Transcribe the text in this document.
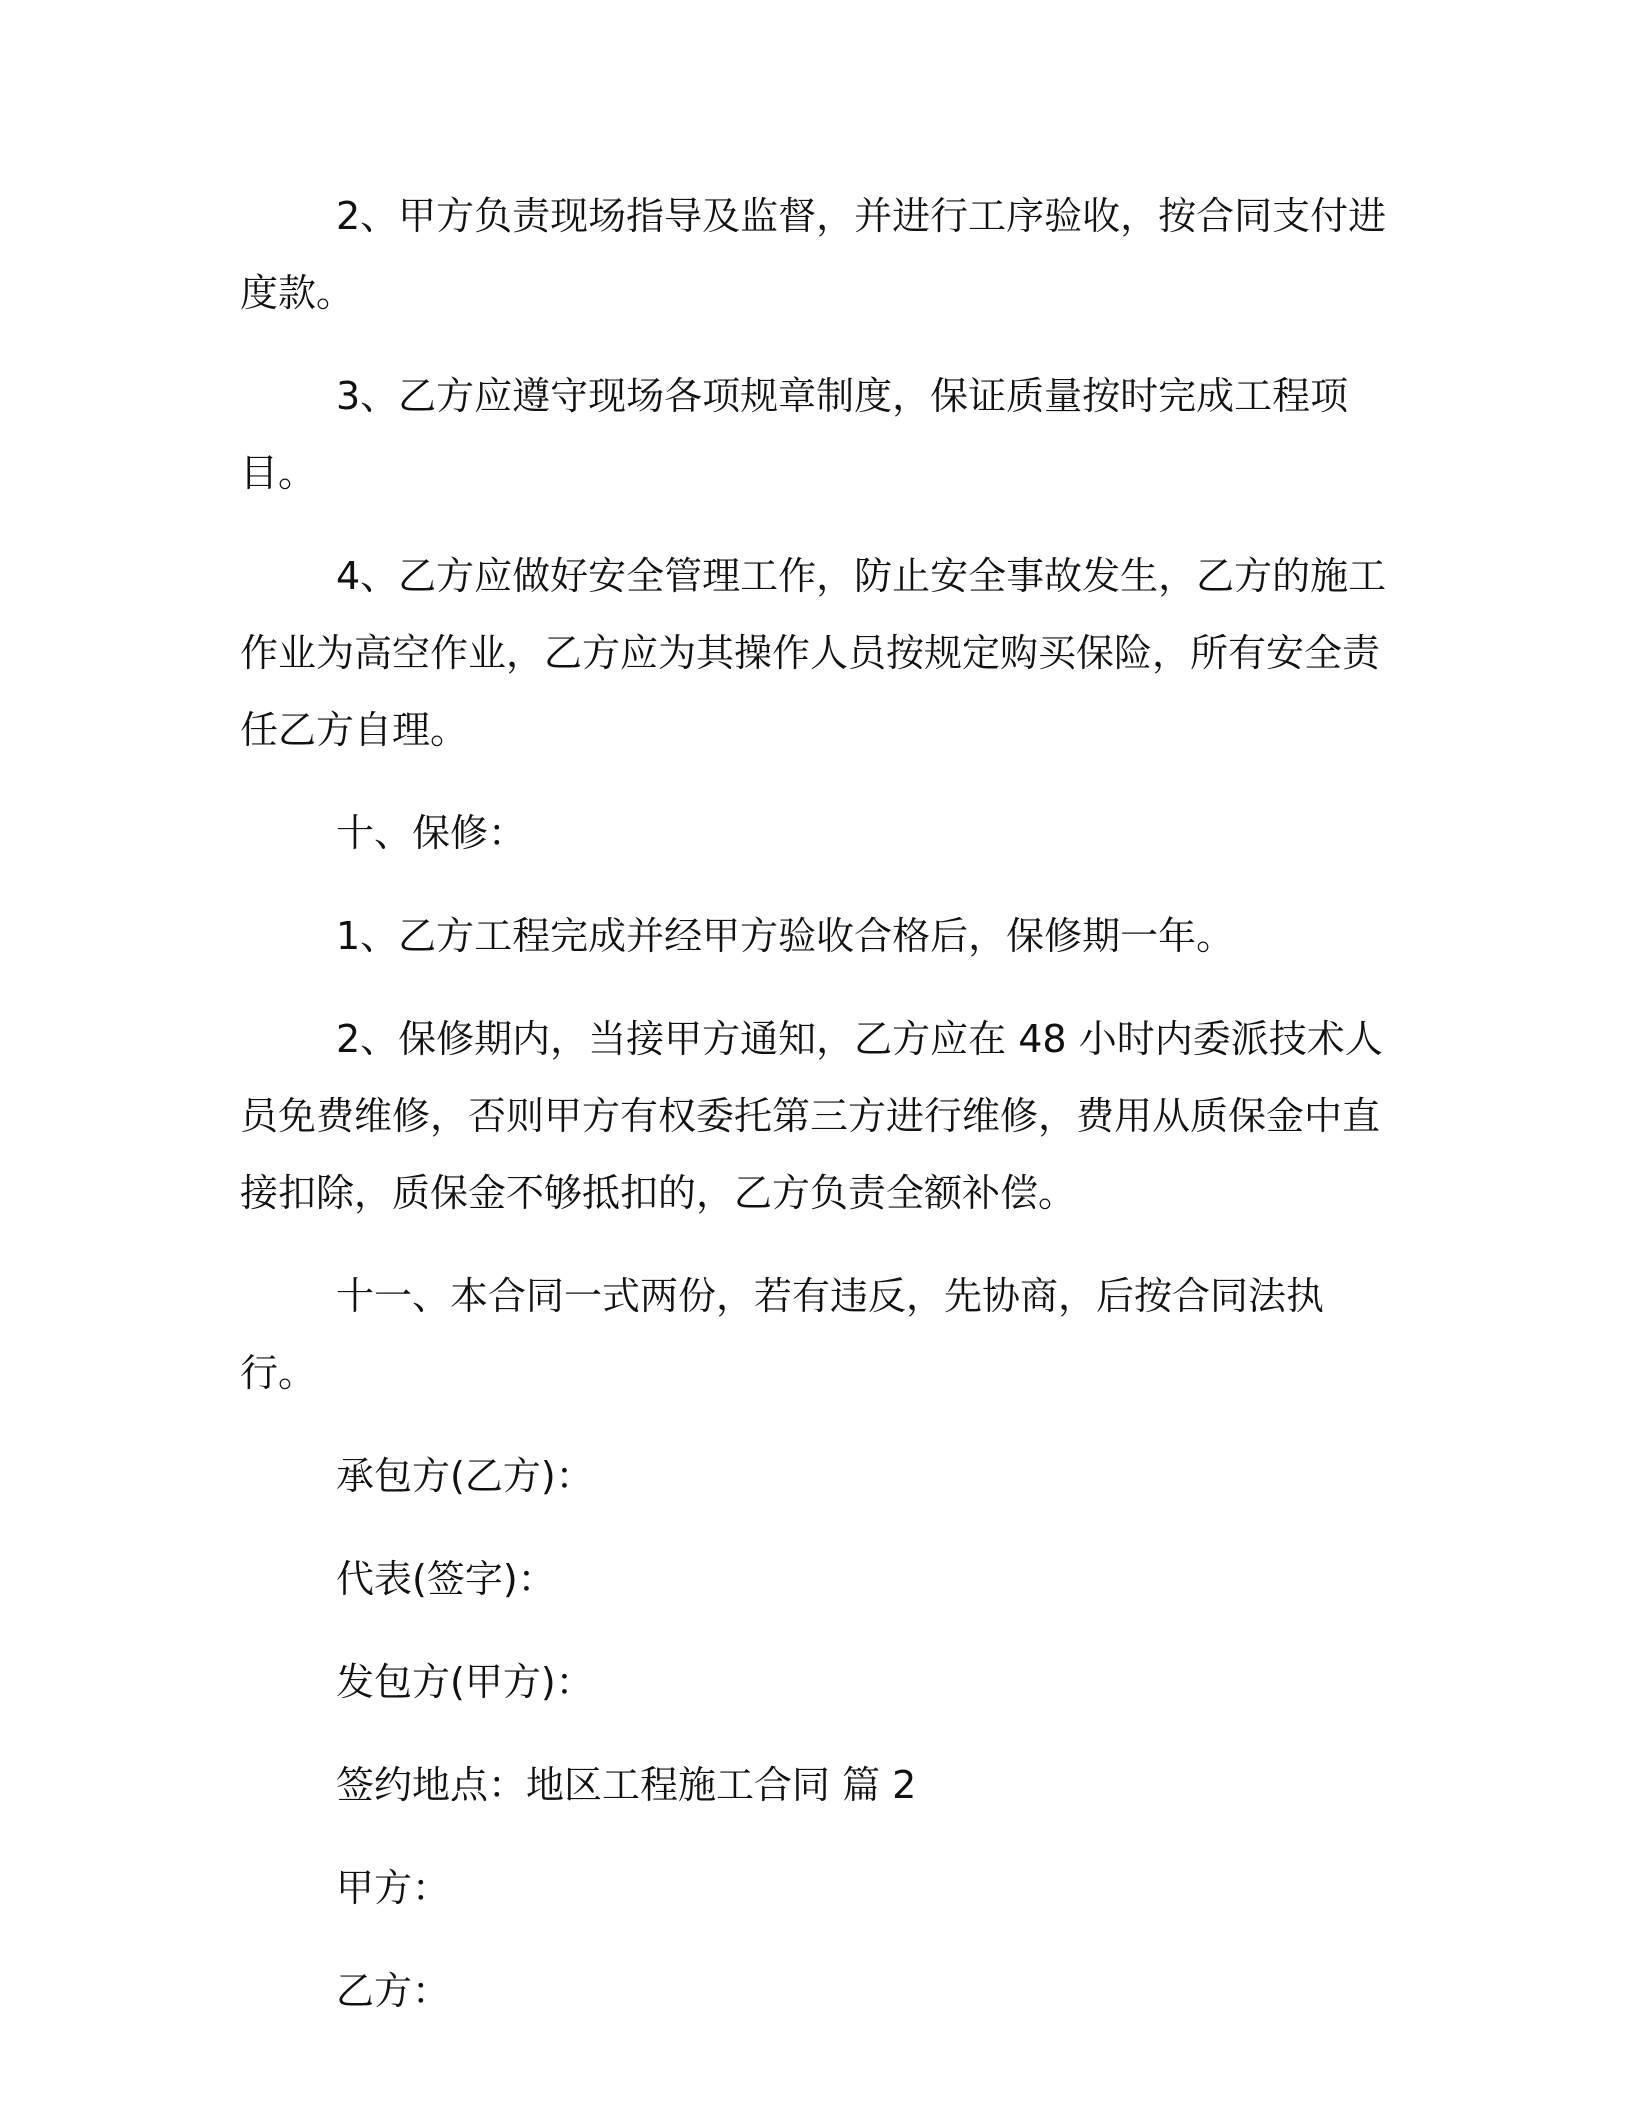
2、甲方负责现场指导及监督，并进行工序验收，按合同支付进度款。

3、乙方应遵守现场各项规章制度，保证质量按时完成工程项目。

4、乙方应做好安全管理工作，防止安全事故发生，乙方的施工作业为高空作业，乙方应为其操作人员按规定购买保险，所有安全责任乙方自理。

十、保修：

1、乙方工程完成并经甲方验收合格后，保修期一年。

2、保修期内，当接甲方通知，乙方应在 48 小时内委派技术人员免费维修，否则甲方有权委托第三方进行维修，费用从质保金中直接扣除，质保金不够抵扣的，乙方负责全额补偿。

十一、本合同一式两份，若有违反，先协商，后按合同法执行。

承包方(乙方)：

代表(签字)：

发包方(甲方)：

签约地点：地区工程施工合同 篇 2

甲方：

乙方：
